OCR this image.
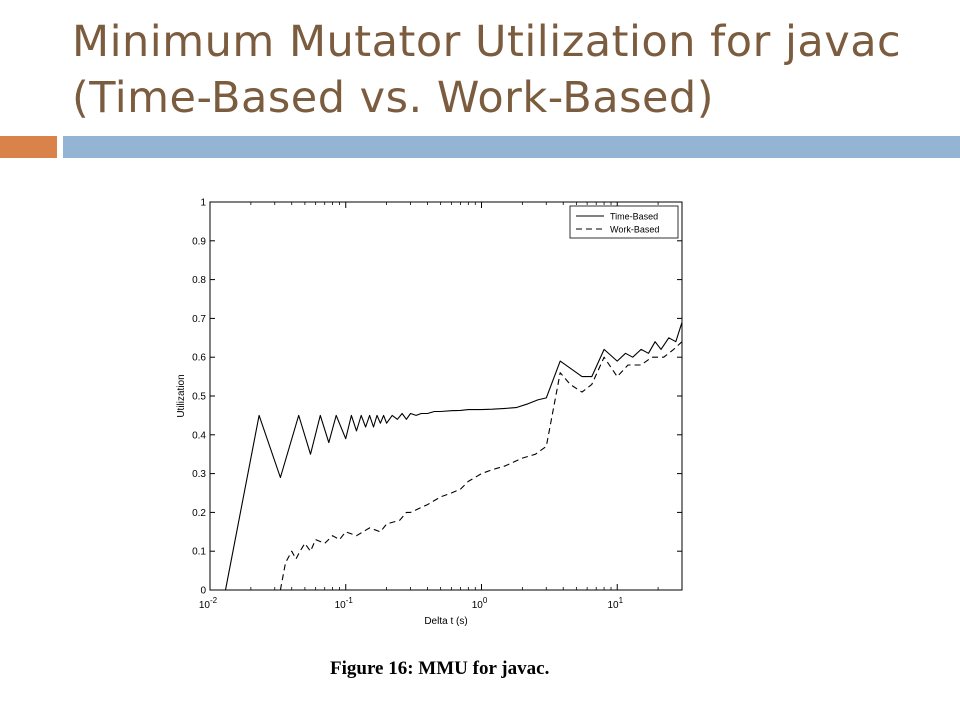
Minimum Mutator Utilization for javac
(Time-Based vs. Work-Based)
0
0.1
0.2
0.3
0.4
0.5
0.6
0.7
0.8
0.9
1
$10^{-2}$	$10^{-1}$	$10^0$	$10^1$
Delta t (s)
Utilization
Time-Based
Work-Based
Figure 16: MMU for javac.
